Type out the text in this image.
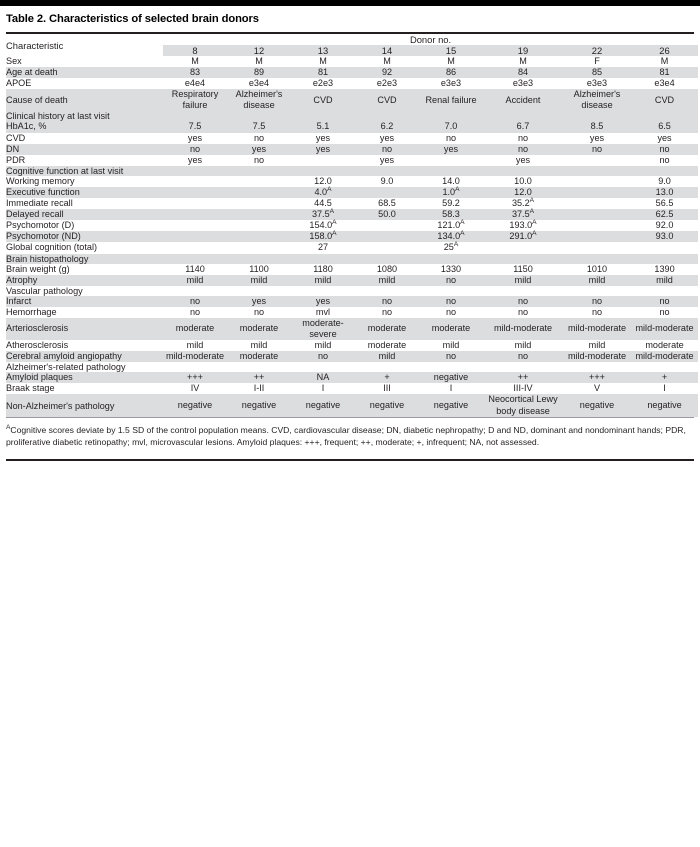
Table 2. Characteristics of selected brain donors
Characteristic	Donor no.							
	8	12	13	14	15	19	22	26
Sex	M	M	M	M	M	M	F	M
Age at death	83	89	81	92	86	84	85	81
APOE	e4e4	e3e4	e2e3	e2e3	e3e3	e3e3	e3e3	e3e4
Cause of death	Respiratory failure	Alzheimer's disease	CVD	CVD	Renal failure	Accident	Alzheimer's disease	CVD
Clinical history at last visit								
HbA1c, %	7.5	7.5	5.1	6.2	7.0	6.7	8.5	6.5
CVD	yes	no	yes	yes	no	no	yes	yes
DN	no	yes	yes	no	yes	no	no	no
PDR	yes	no		yes		yes		no
Cognitive function at last visit								
Working memory			12.0	9.0	14.0	10.0		9.0
Executive function			4.0$^A$		1.0$^A$	12.0		13.0
Immediate recall			44.5	68.5	59.2	35.2$^A$		56.5
Delayed recall			37.5$^A$	50.0	58.3	37.5$^A$		62.5
Psychomotor (D)			154.0$^A$		121.0$^A$	193.0$^A$		92.0
Psychomotor (ND)			158.0$^A$		134.0$^A$	291.0$^A$		93.0
Global cognition (total)			27		25$^A$			
Brain histopathology								
Brain weight (g)	1140	1100	1180	1080	1330	1150	1010	1390
Atrophy	mild	mild	mild	mild	no	mild	mild	mild
Vascular pathology								
Infarct	no	yes	yes	no	no	no	no	no
Hemorrhage	no	no	mvl	no	no	no	no	no
Arteriosclerosis	moderate	moderate	moderate-severe	moderate	moderate	mild-moderate	mild-moderate	mild-moderate
Atherosclerosis	mild	mild	mild	moderate	mild	mild	mild	moderate
Cerebral amyloid angiopathy	mild-moderate	moderate	no	mild	no	no	mild-moderate	mild-moderate
Alzheimer's-related pathology								
Amyloid plaques	+++	++	NA	+	negative	++	+++	+
Braak stage	IV	I-II	I	III	I	III-IV	V	I
Non-Alzheimer's pathology	negative	negative	negative	negative	negative	Neocortical Lewy body disease	negative	negative
$^A$Cognitive scores deviate by 1.5 SD of the control population means. CVD, cardiovascular disease; DN, diabetic nephropathy; D and ND, dominant and nondominant hands; PDR, proliferative diabetic retinopathy; mvl, microvascular lesions. Amyloid plaques: +++, frequent; ++, moderate; +, infrequent; NA, not assessed.
